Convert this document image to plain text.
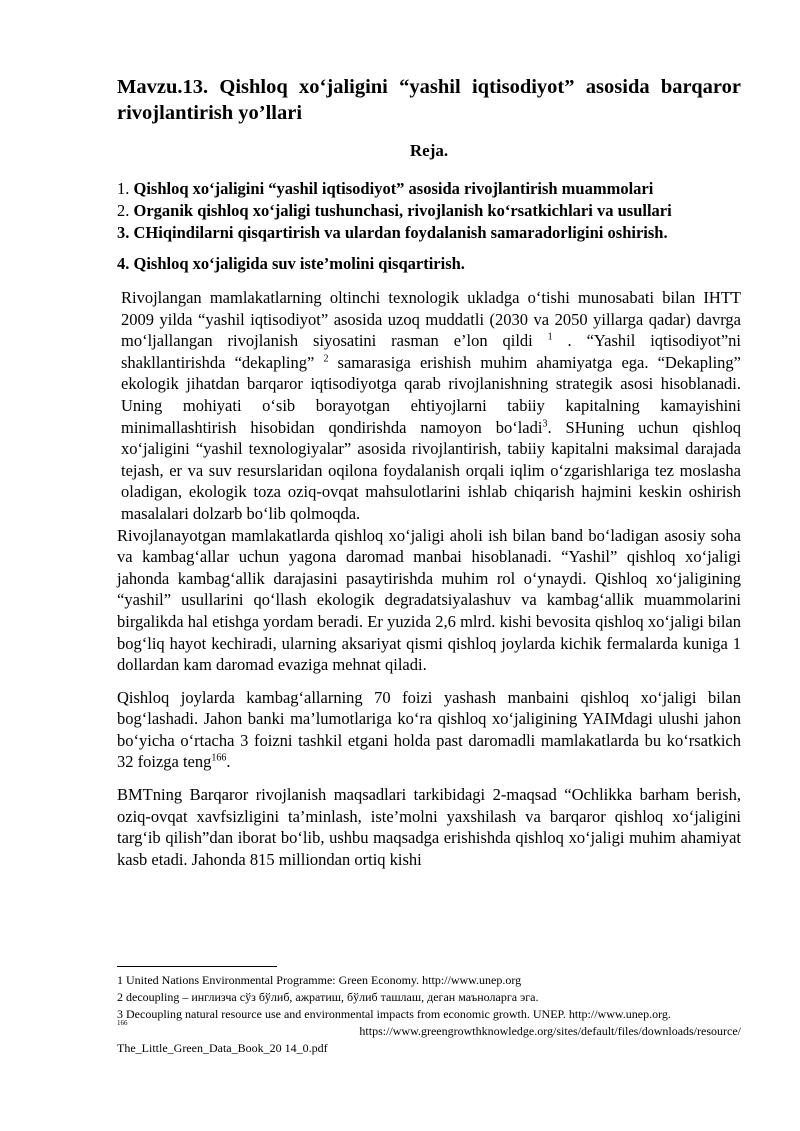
Mavzu.13. Qishloq xo‘jaligini “yashil iqtisodiyot” asosida barqaror rivojlantirish yo’llari
Reja.

1. Qishloq xo‘jaligini “yashil iqtisodiyot” asosida rivojlantirish muammolari

2. Organik qishloq xo‘jaligi tushunchasi, rivojlanish ko‘rsatkichlari va usullari

3. CHiqindilarni qisqartirish va ulardan foydalanish samaradorligini oshirish.

4. Qishloq xo‘jaligida suv iste’molini qisqartirish.

Rivojlangan mamlakatlarning oltinchi texnologik ukladga o‘tishi munosabati bilan IHTT 2009 yilda “yashil iqtisodiyot” asosida uzoq muddatli (2030 va 2050 yillarga qadar) davrga mo‘ljallangan rivojlanish siyosatini rasman e’lon qildi $^1$ . “Yashil iqtisodiyot”ni shakllantirishda “dekapling” $^2$ samarasiga erishish muhim ahamiyatga ega. “Dekapling” ekologik jihatdan barqaror iqtisodiyotga qarab rivojlanishning strategik asosi hisoblanadi. Uning mohiyati o‘sib borayotgan ehtiyojlarni tabiiy kapitalning kamayishini minimallashtirish hisobidan qondirishda namoyon bo‘ladi$^3$. SHuning uchun qishloq xo‘jaligini “yashil texnologiyalar” asosida rivojlantirish, tabiiy kapitalni maksimal darajada tejash, er va suv resurslaridan oqilona foydalanish orqali iqlim o‘zgarishlariga tez moslasha oladigan, ekologik toza oziq-ovqat mahsulotlarini ishlab chiqarish hajmini keskin oshirish masalalari dolzarb bo‘lib qolmoqda.

Rivojlanayotgan mamlakatlarda qishloq xo‘jaligi aholi ish bilan band bo‘ladigan asosiy soha va kambag‘allar uchun yagona daromad manbai hisoblanadi. “Yashil” qishloq xo‘jaligi jahonda kambag‘allik darajasini pasaytirishda muhim rol o‘ynaydi. Qishloq xo‘jaligining “yashil” usullarini qo‘llash ekologik degradatsiyalashuv va kambag‘allik muammolarini birgalikda hal etishga yordam beradi. Er yuzida 2,6 mlrd. kishi bevosita qishloq xo‘jaligi bilan bog‘liq hayot kechiradi, ularning aksariyat qismi qishloq joylarda kichik fermalarda kuniga 1 dollardan kam daromad evaziga mehnat qiladi.

Qishloq joylarda kambag‘allarning 70 foizi yashash manbaini qishloq xo‘jaligi bilan bog‘lashadi. Jahon banki ma’lumotlariga ko‘ra qishloq xo‘jaligining YAIMdagi ulushi jahon bo‘yicha o‘rtacha 3 foizni tashkil etgani holda past daromadli mamlakatlarda bu ko‘rsatkich 32 foizga teng$^{166}$.

BMTning Barqaror rivojlanish maqsadlari tarkibidagi 2-maqsad “Ochlikka barham berish, oziq-ovqat xavfsizligini ta’minlash, iste’molni yaxshilash va barqaror qishloq xo‘jaligini targ‘ib qilish”dan iborat bo‘lib, ushbu maqsadga erishishda qishloq xo‘jaligi muhim ahamiyat kasb etadi. Jahonda 815 milliondan ortiq kishi

1 United Nations Environmental Programme: Green Economy. http://www.unep.org

2 decoupling – инглизча сўз бўлиб, ажратиш, бўлиб ташлаш, деган маъноларга эга.

3 Decoupling natural resource use and environmental impacts from economic growth. UNEP. http://www.unep.org.

166
https://www.greengrowthknowledge.org/sites/default/files/downloads/resource/

The_Little_Green_Data_Book_20 14_0.pdf
